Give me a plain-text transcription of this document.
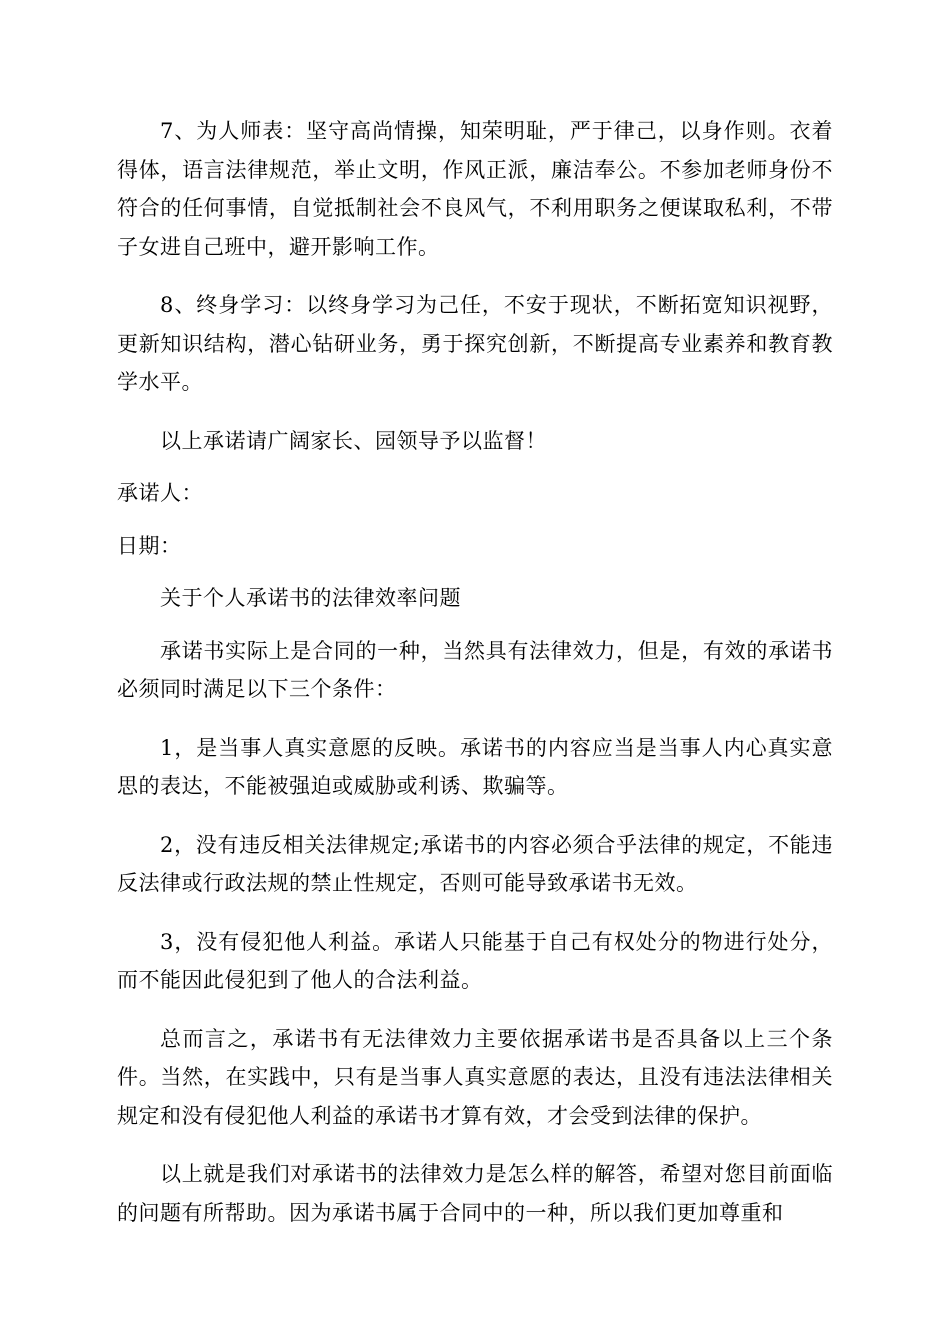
7、为人师表：坚守高尚情操，知荣明耻，严于律己，以身作则。衣着得体，语言法律规范，举止文明，作风正派，廉洁奉公。不参加老师身份不符合的任何事情，自觉抵制社会不良风气，不利用职务之便谋取私利，不带子女进自己班中，避开影响工作。

8、终身学习：以终身学习为己任，不安于现状，不断拓宽知识视野，更新知识结构，潜心钻研业务，勇于探究创新，不断提高专业素养和教育教学水平。

以上承诺请广阔家长、园领导予以监督！

承诺人：

日期：

关于个人承诺书的法律效率问题

承诺书实际上是合同的一种，当然具有法律效力，但是，有效的承诺书必须同时满足以下三个条件：

1，是当事人真实意愿的反映。承诺书的内容应当是当事人内心真实意思的表达，不能被强迫或威胁或利诱、欺骗等。

2，没有违反相关法律规定;承诺书的内容必须合乎法律的规定，不能违反法律或行政法规的禁止性规定，否则可能导致承诺书无效。

3，没有侵犯他人利益。承诺人只能基于自己有权处分的物进行处分，而不能因此侵犯到了他人的合法利益。

总而言之，承诺书有无法律效力主要依据承诺书是否具备以上三个条件。当然，在实践中，只有是当事人真实意愿的表达，且没有违法法律相关规定和没有侵犯他人利益的承诺书才算有效，才会受到法律的保护。

以上就是我们对承诺书的法律效力是怎么样的解答，希望对您目前面临的问题有所帮助。因为承诺书属于合同中的一种，所以我们更加尊重和
